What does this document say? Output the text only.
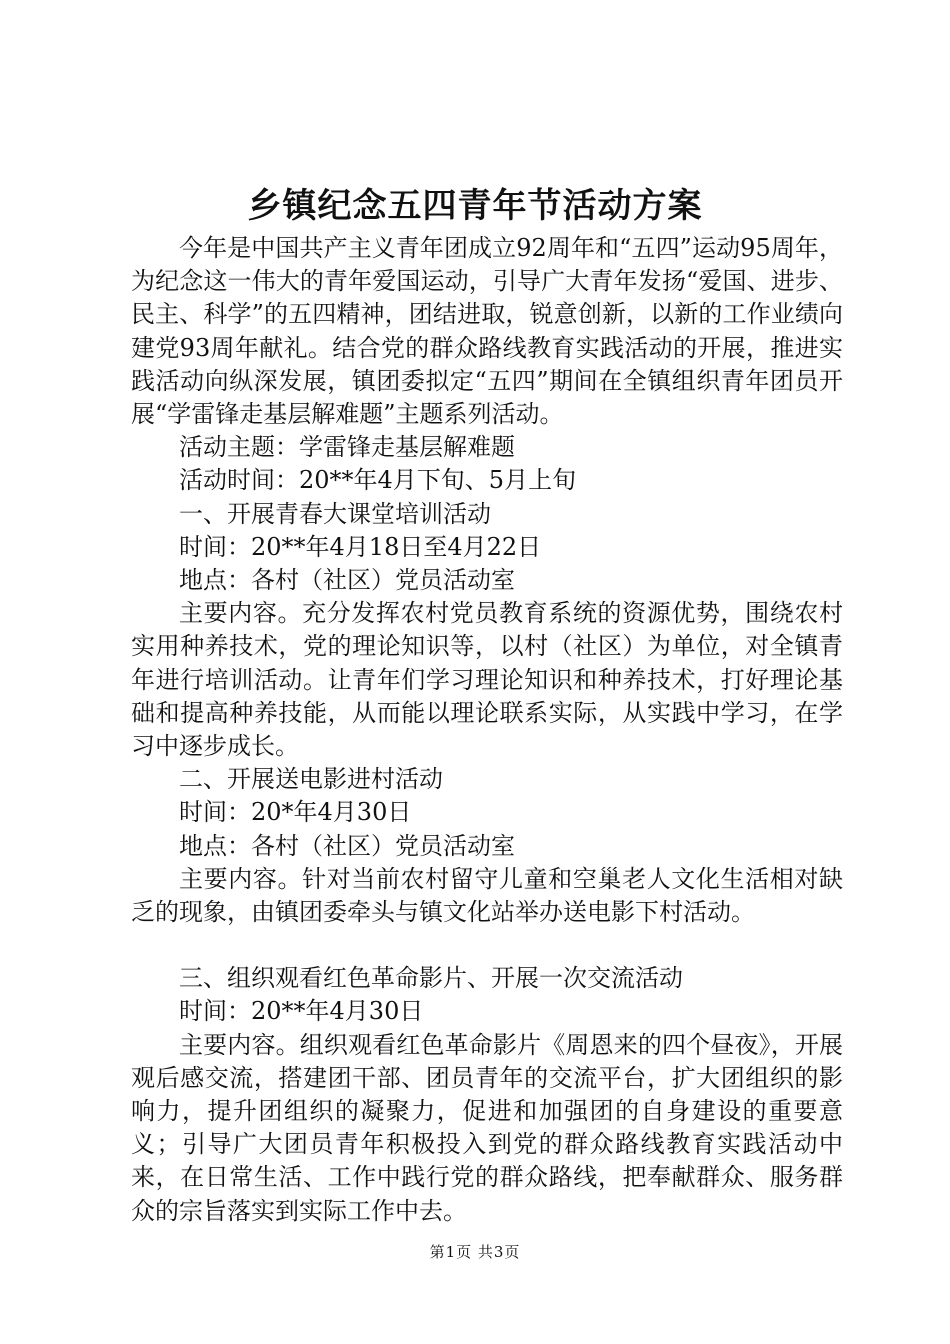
乡镇纪念五四青年节活动方案

今年是中国共产主义青年团成立92周年和“五四”运动95周年，为纪念这一伟大的青年爱国运动，引导广大青年发扬“爱国、进步、民主、科学”的五四精神，团结进取，锐意创新，以新的工作业绩向建党93周年献礼。结合党的群众路线教育实践活动的开展，推进实践活动向纵深发展，镇团委拟定“五四”期间在全镇组织青年团员开展“学雷锋走基层解难题”主题系列活动。

活动主题：学雷锋走基层解难题

活动时间：20**年4月下旬、5月上旬

一、开展青春大课堂培训活动

时间：20**年4月18日至4月22日

地点：各村（社区）党员活动室

主要内容。充分发挥农村党员教育系统的资源优势，围绕农村实用种养技术，党的理论知识等，以村（社区）为单位，对全镇青年进行培训活动。让青年们学习理论知识和种养技术，打好理论基础和提高种养技能，从而能以理论联系实际，从实践中学习，在学习中逐步成长。

二、开展送电影进村活动

时间：20*年4月30日

地点：各村（社区）党员活动室

主要内容。针对当前农村留守儿童和空巢老人文化生活相对缺乏的现象，由镇团委牵头与镇文化站举办送电影下村活动。

三、组织观看红色革命影片、开展一次交流活动

时间：20**年4月30日

主要内容。组织观看红色革命影片《周恩来的四个昼夜》，开展观后感交流，搭建团干部、团员青年的交流平台，扩大团组织的影响力，提升团组织的凝聚力，促进和加强团的自身建设的重要意义；引导广大团员青年积极投入到党的群众路线教育实践活动中来，在日常生活、工作中践行党的群众路线，把奉献群众、服务群众的宗旨落实到实际工作中去。

第1页 共3页
